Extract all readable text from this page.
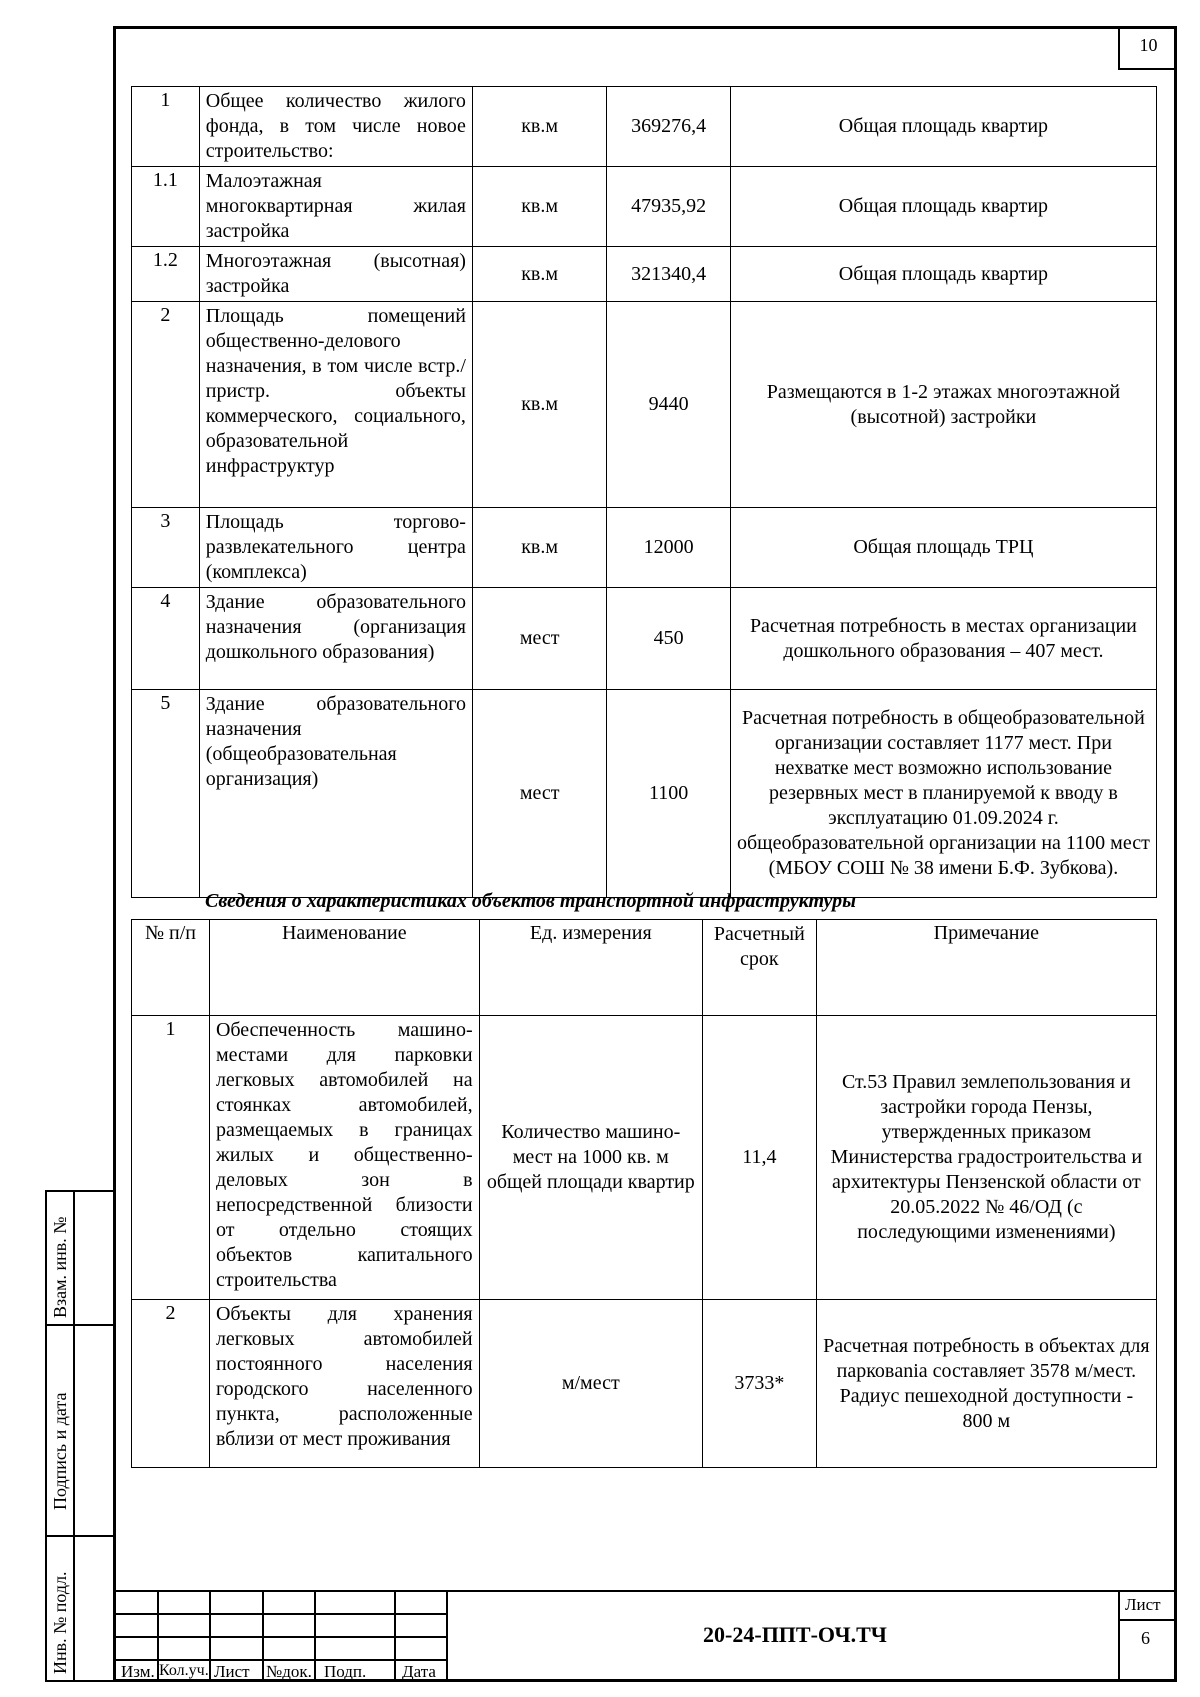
10
1	Общее количество жилого фонда, в том числе новое строительство:	кв.м	369276,4	Общая площадь квартир
1.1	Малоэтажная многоквартирная жилая застройка	кв.м	47935,92	Общая площадь квартир
1.2	Многоэтажная (высотная) застройка	кв.м	321340,4	Общая площадь квартир
2	Площадь помещений общественно-делового назначения, в том числе встр./пристр. объекты коммерческого, социального, образовательной инфраструктур	кв.м	9440	Размещаются в 1-2 этажах многоэтажной (высотной) застройки
3	Площадь торгово-развлекательного центра (комплекса)	кв.м	12000	Общая площадь ТРЦ
4	Здание образовательного назначения (организация дошкольного образования)	мест	450	Расчетная потребность в местах организации дошкольного образования – 407 мест.
5	Здание образовательного назначения (общеобразовательная организация)	мест	1100	Расчетная потребность в общеобразовательной организации составляет 1177 мест. При нехватке мест возможно использование резервных мест в планируемой к вводу в эксплуатацию 01.09.2024 г. общеобразовательной организации на 1100 мест (МБОУ СОШ № 38 имени Б.Ф. Зубкова).
Сведения о характеристиках объектов транспортной инфраструктуры
№ п/п	Наименование	Ед. измерения	Расчетный срок	Примечание
1	Обеспеченность машино-местами для парковки легковых автомобилей на стоянках автомобилей, размещаемых в границах жилых и общественно-деловых зон в непосредственной близости от отдельно стоящих объектов капитального строительства	Количество машино-мест на 1000 кв. м общей площади квартир	11,4	Ст.53 Правил землепользования и застройки города Пензы, утвержденных приказом Министерства градостроительства и архитектуры Пензенской области от 20.05.2022 № 46/ОД (с последующими изменениями)
2	Объекты для хранения легковых автомобилей постоянного населения городского населенного пункта, расположенные вблизи от мест проживания	м/мест	3733*	Расчетная потребность в объектах для парковania составляет 3578 м/мест. Радиус пешеходной доступности - 800 м
Взам. инв. №
Подпись и дата
Инв. № подл.	Изм. Кол.уч. Лист №док. Подп. Дата
20-24-ППТ-ОЧ.ТЧ
Лист
6
